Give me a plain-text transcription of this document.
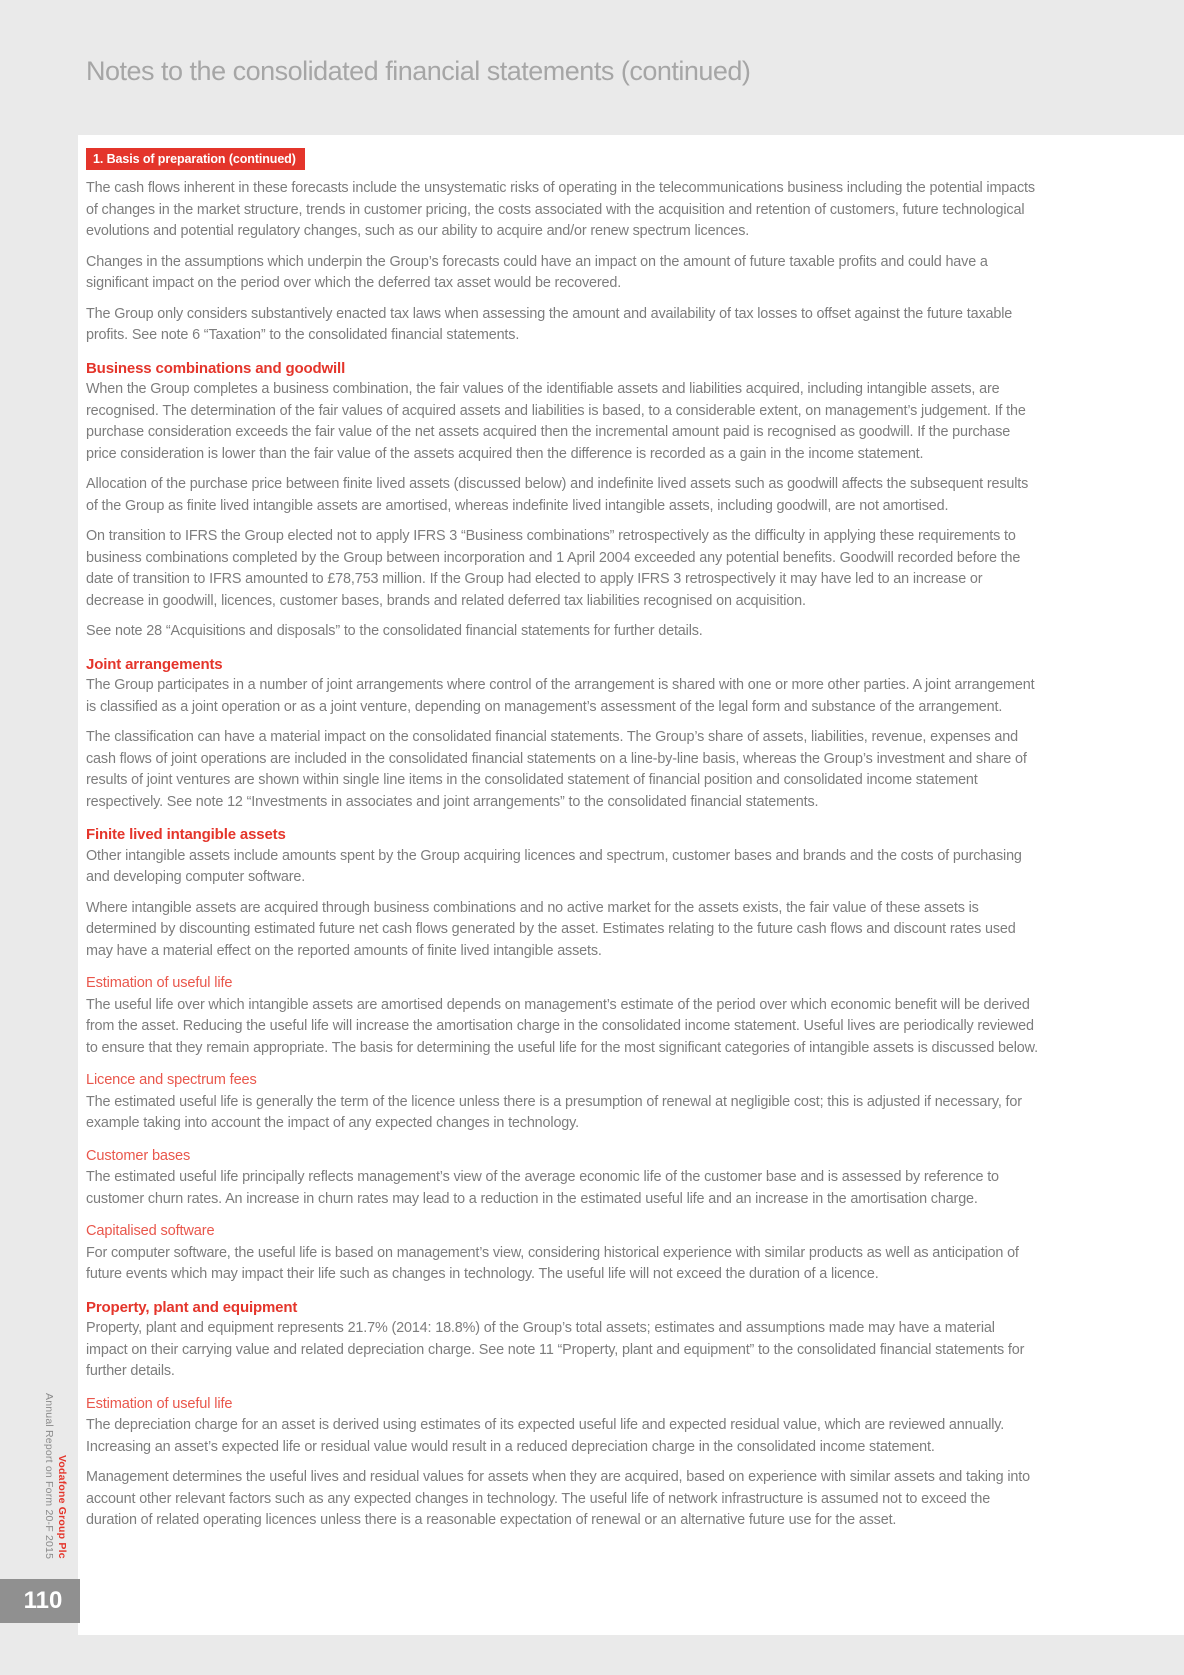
Notes to the consolidated financial statements (continued)
1. Basis of preparation (continued)

The cash flows inherent in these forecasts include the unsystematic risks of operating in the telecommunications business including the potential impacts of changes in the market structure, trends in customer pricing, the costs associated with the acquisition and retention of customers, future technological evolutions and potential regulatory changes, such as our ability to acquire and/or renew spectrum licences.

Changes in the assumptions which underpin the Group’s forecasts could have an impact on the amount of future taxable profits and could have a significant impact on the period over which the deferred tax asset would be recovered.

The Group only considers substantively enacted tax laws when assessing the amount and availability of tax losses to offset against the future taxable profits. See note 6 “Taxation” to the consolidated financial statements.

Business combinations and goodwill

When the Group completes a business combination, the fair values of the identifiable assets and liabilities acquired, including intangible assets, are recognised. The determination of the fair values of acquired assets and liabilities is based, to a considerable extent, on management’s judgement. If the purchase consideration exceeds the fair value of the net assets acquired then the incremental amount paid is recognised as goodwill. If the purchase price consideration is lower than the fair value of the assets acquired then the difference is recorded as a gain in the income statement.

Allocation of the purchase price between finite lived assets (discussed below) and indefinite lived assets such as goodwill affects the subsequent results of the Group as finite lived intangible assets are amortised, whereas indefinite lived intangible assets, including goodwill, are not amortised.

On transition to IFRS the Group elected not to apply IFRS 3 “Business combinations” retrospectively as the difficulty in applying these requirements to business combinations completed by the Group between incorporation and 1 April 2004 exceeded any potential benefits. Goodwill recorded before the date of transition to IFRS amounted to £78,753 million. If the Group had elected to apply IFRS 3 retrospectively it may have led to an increase or decrease in goodwill, licences, customer bases, brands and related deferred tax liabilities recognised on acquisition.

See note 28 “Acquisitions and disposals” to the consolidated financial statements for further details.

Joint arrangements

The Group participates in a number of joint arrangements where control of the arrangement is shared with one or more other parties. A joint arrangement is classified as a joint operation or as a joint venture, depending on management’s assessment of the legal form and substance of the arrangement.

The classification can have a material impact on the consolidated financial statements. The Group’s share of assets, liabilities, revenue, expenses and cash flows of joint operations are included in the consolidated financial statements on a line-by-line basis, whereas the Group’s investment and share of results of joint ventures are shown within single line items in the consolidated statement of financial position and consolidated income statement respectively. See note 12 “Investments in associates and joint arrangements” to the consolidated financial statements.

Finite lived intangible assets

Other intangible assets include amounts spent by the Group acquiring licences and spectrum, customer bases and brands and the costs of purchasing and developing computer software.

Where intangible assets are acquired through business combinations and no active market for the assets exists, the fair value of these assets is determined by discounting estimated future net cash flows generated by the asset. Estimates relating to the future cash flows and discount rates used may have a material effect on the reported amounts of finite lived intangible assets.

Estimation of useful life

The useful life over which intangible assets are amortised depends on management’s estimate of the period over which economic benefit will be derived from the asset. Reducing the useful life will increase the amortisation charge in the consolidated income statement. Useful lives are periodically reviewed to ensure that they remain appropriate. The basis for determining the useful life for the most significant categories of intangible assets is discussed below.

Licence and spectrum fees

The estimated useful life is generally the term of the licence unless there is a presumption of renewal at negligible cost; this is adjusted if necessary, for example taking into account the impact of any expected changes in technology.

Customer bases

The estimated useful life principally reflects management’s view of the average economic life of the customer base and is assessed by reference to customer churn rates. An increase in churn rates may lead to a reduction in the estimated useful life and an increase in the amortisation charge.

Capitalised software

For computer software, the useful life is based on management’s view, considering historical experience with similar products as well as anticipation of future events which may impact their life such as changes in technology. The useful life will not exceed the duration of a licence.

Property, plant and equipment

Property, plant and equipment represents 21.7% (2014: 18.8%) of the Group’s total assets; estimates and assumptions made may have a material impact on their carrying value and related depreciation charge. See note 11 “Property, plant and equipment” to the consolidated financial statements for further details.

Estimation of useful life

The depreciation charge for an asset is derived using estimates of its expected useful life and expected residual value, which are reviewed annually. Increasing an asset’s expected life or residual value would result in a reduced depreciation charge in the consolidated income statement.

Management determines the useful lives and residual values for assets when they are acquired, based on experience with similar assets and taking into account other relevant factors such as any expected changes in technology. The useful life of network infrastructure is assumed not to exceed the duration of related operating licences unless there is a reasonable expectation of renewal or an alternative future use for the asset.

Vodafone Group Plc
Annual Report on Form 20-F 2015
110
